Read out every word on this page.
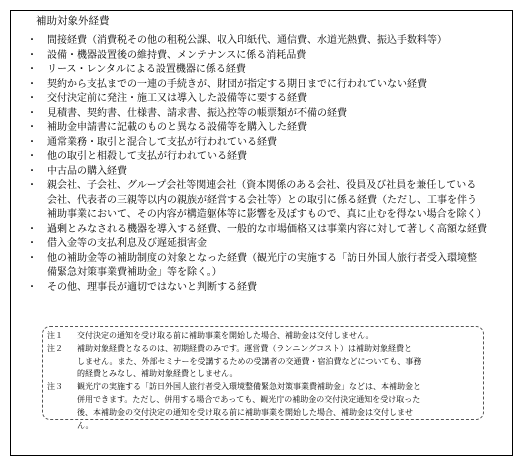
補助対象外経費
・	間接経費（消費税その他の租税公課、収入印紙代、通信費、水道光熱費、振込手数料等）
・	設備・機器設置後の維持費、メンテナンスに係る消耗品費
・	リース・レンタルによる設置機器に係る経費
・	契約から支払までの一連の手続きが、財団が指定する期日までに行われていない経費
・	交付決定前に発注・施工又は導入した設備等に要する経費
・	見積書、契約書、仕様書、請求書、振込控等の帳票類が不備の経費
・	補助金申請書に記載のものと異なる設備等を購入した経費
・	通常業務・取引と混合して支払が行われている経費
・	他の取引と相殺して支払が行われている経費
・	中古品の購入経費
・	親会社、子会社、グループ会社等関連会社（資本関係のある会社、役員及び社員を兼任している
会社、代表者の三親等以内の親族が経営する会社等）との取引に係る経費（ただし、工事を伴う
補助事業において、その内容が構造躯体等に影響を及ぼすもので、真に止むを得ない場合を除く）
・	過剰とみなされる機器を導入する経費、一般的な市場価格又は事業内容に対して著しく高額な経費
・	借入金等の支払利息及び遅延損害金
・	他の補助金等の補助制度の対象となった経費（観光庁の実施する「訪日外国人旅行者受入環境整
備緊急対策事業費補助金」等を除く。）
・	その他、理事長が適切ではないと判断する経費
注１	交付決定の通知を受け取る前に補助事業を開始した場合、補助金は交付しません。
注２	補助対象経費となるのは、初期経費のみです。運営費（ランニングコスト）は補助対象経費と
しません。また、外部セミナーを受講するための受講者の交通費・宿泊費などについても、事務
的経費とみなし、補助対象経費としません。
注３	観光庁の実施する「訪日外国人旅行者受入環境整備緊急対策事業費補助金」などは、本補助金と
併用できます。ただし、併用する場合であっても、観光庁の補助金の交付決定通知を受け取った
後、本補助金の交付決定の通知を受け取る前に補助事業を開始した場合、補助金は交付しませ
ん。
